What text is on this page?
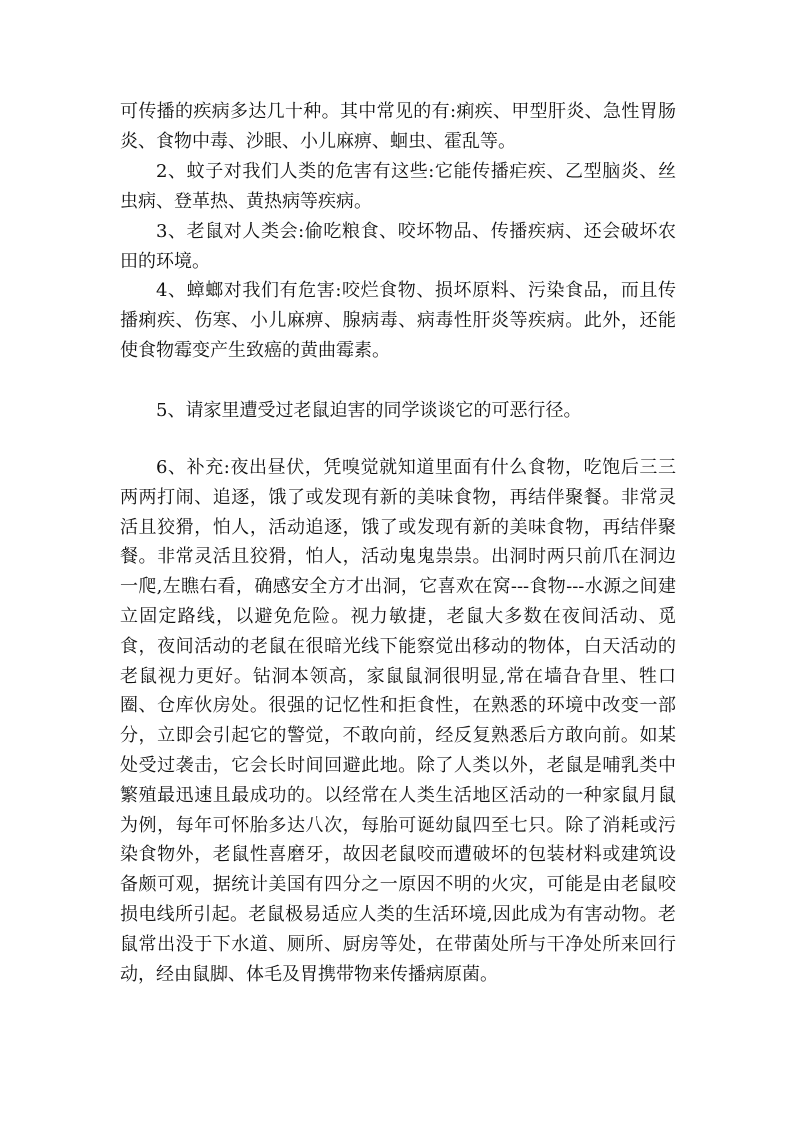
可传播的疾病多达几十种。其中常见的有:痢疾、甲型肝炎、急性胃肠炎、食物中毒、沙眼、小儿麻痹、蛔虫、霍乱等。

2、蚊子对我们人类的危害有这些:它能传播疟疾、乙型脑炎、丝虫病、登革热、黄热病等疾病。

3、老鼠对人类会:偷吃粮食、咬坏物品、传播疾病、还会破坏农田的环境。

4、蟑螂对我们有危害:咬烂食物、损坏原料、污染食品，而且传播痢疾、伤寒、小儿麻痹、腺病毒、病毒性肝炎等疾病。此外，还能使食物霉变产生致癌的黄曲霉素。

5、请家里遭受过老鼠迫害的同学谈谈它的可恶行径。

6、补充:夜出昼伏，凭嗅觉就知道里面有什么食物，吃饱后三三两两打闹、追逐，饿了或发现有新的美味食物，再结伴聚餐。非常灵活且狡猾，怕人，活动追逐，饿了或发现有新的美味食物，再结伴聚餐。非常灵活且狡猾，怕人，活动鬼鬼祟祟。出洞时两只前爪在洞边一爬,左瞧右看，确感安全方才出洞，它喜欢在窝---食物---水源之间建立固定路线，以避免危险。视力敏捷，老鼠大多数在夜间活动、觅食，夜间活动的老鼠在很暗光线下能察觉出移动的物体，白天活动的老鼠视力更好。钻洞本领高，家鼠鼠洞很明显,常在墙旮旮里、牲口圈、仓库伙房处。很强的记忆性和拒食性，在熟悉的环境中改变一部分，立即会引起它的警觉，不敢向前，经反复熟悉后方敢向前。如某处受过袭击，它会长时间回避此地。除了人类以外，老鼠是哺乳类中繁殖最迅速且最成功的。以经常在人类生活地区活动的一种家鼠月鼠为例，每年可怀胎多达八次，每胎可诞幼鼠四至七只。除了消耗或污染食物外，老鼠性喜磨牙，故因老鼠咬而遭破坏的包装材料或建筑设备颇可观，据统计美国有四分之一原因不明的火灾，可能是由老鼠咬损电线所引起。老鼠极易适应人类的生活环境,因此成为有害动物。老鼠常出没于下水道、厕所、厨房等处，在带菌处所与干净处所来回行动，经由鼠脚、体毛及胃携带物来传播病原菌。
